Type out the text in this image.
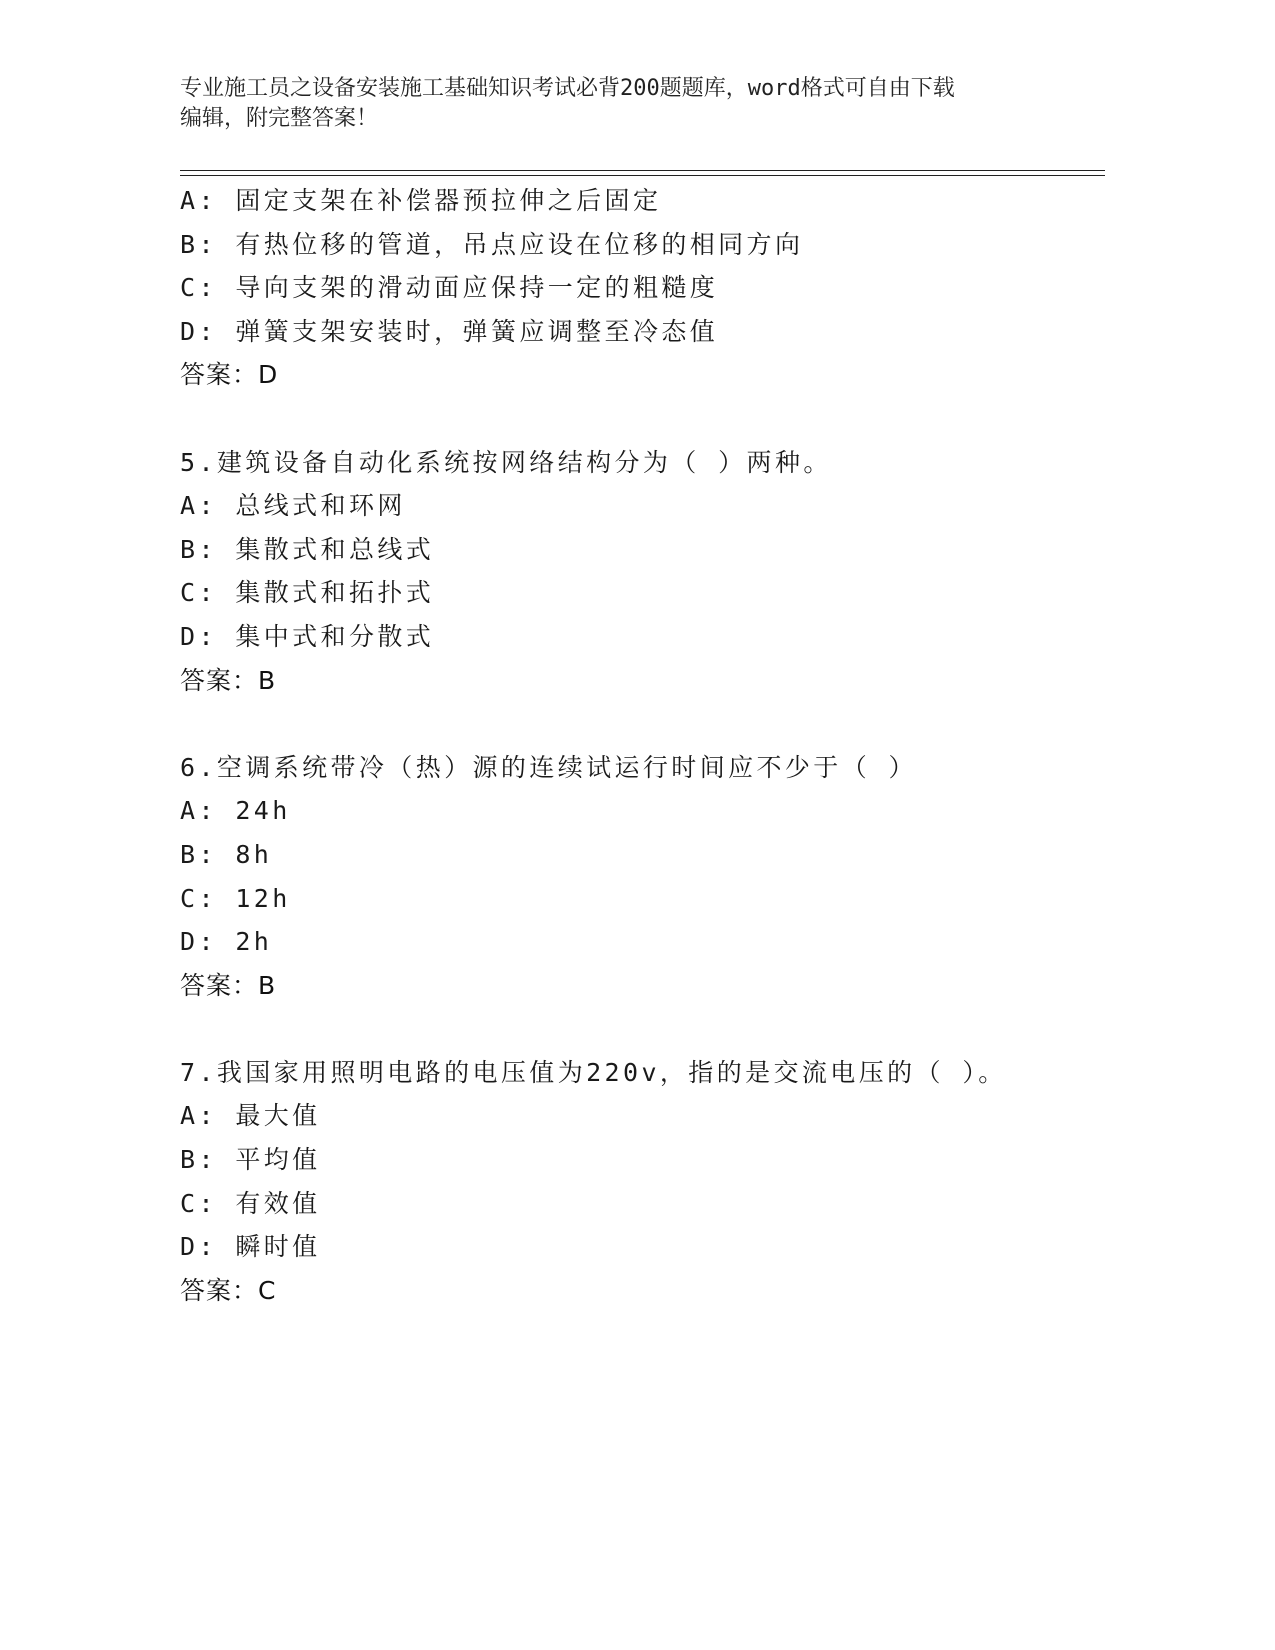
专业施工员之设备安装施工基础知识考试必背200题题库，word格式可自由下载
编辑，附完整答案！
A: 固定支架在补偿器预拉伸之后固定
B: 有热位移的管道，吊点应设在位移的相同方向
C: 导向支架的滑动面应保持一定的粗糙度
D: 弹簧支架安装时，弹簧应调整至冷态值
答案：D
5.建筑设备自动化系统按网络结构分为（ ）两种。
A: 总线式和环网
B: 集散式和总线式
C: 集散式和拓扑式
D: 集中式和分散式
答案：B
6.空调系统带冷（热）源的连续试运行时间应不少于（ ）
A: 24h
B: 8h
C: 12h
D: 2h
答案：B
7.我国家用照明电路的电压值为220v，指的是交流电压的（ ）。
A: 最大值
B: 平均值
C: 有效值
D: 瞬时值
答案：C
